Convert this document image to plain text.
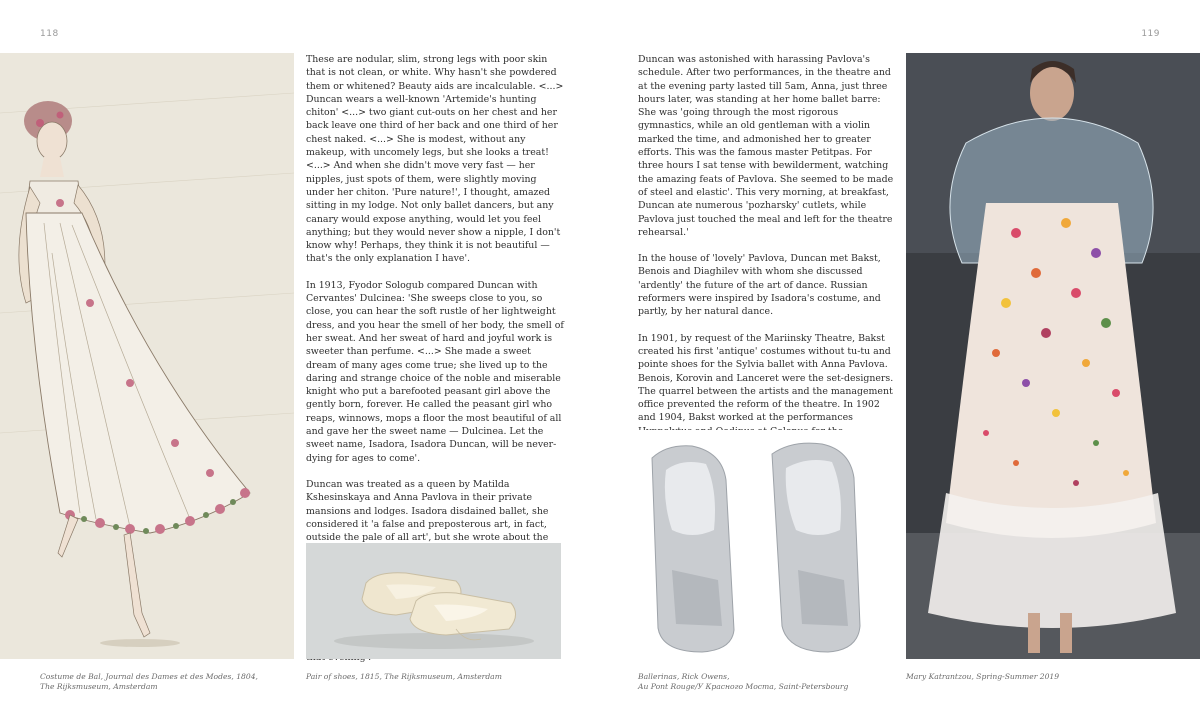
118	119

These are nodular, slim, strong legs with poor skin that is not clean, or white. Why hasn't she powdered them or whitened? Beauty aids are incalculable. <...> Duncan wears a well-known 'Artemide's hunting chiton' <...> two giant cut-outs on her chest and her back leave one third of her back and one third of her chest naked. <...> She is modest, without any makeup, with uncomely legs, but she looks a treat! <...> And when she didn't move very fast — her nipples, just spots of them, were slightly moving under her chiton. 'Pure nature!', I thought, amazed sitting in my lodge. Not only ballet dancers, but any canary would expose anything, would let you feel anything; but they would never show a nipple, I don't know why! Perhaps, they think it is not beautiful — that's the only explanation I have'.

In 1913, Fyodor Sologub compared Duncan with Cervantes' Dulcinea: 'She sweeps close to you, so close, you can hear the soft rustle of her lightweight dress, and you hear the smell of her body, the smell of her sweat. And her sweat of hard and joyful work is sweeter than perfume. <...> She made a sweet dream of many ages come true; she lived up to the daring and strange choice of the noble and miserable knight who put a barefooted peasant girl above the gently born, forever. He called the peasant girl who reaps, winnows, mops a floor the most beautiful of all and gave her the sweet name — Dulcinea. Let the sweet name, Isadora, Isadora Duncan, will be never-dying for ages to come'.

Duncan was treated as a queen by Matilda Kshesinskaya and Anna Pavlova in their private mansions and lodges. Isadora disdained ballet, she considered it 'a false and preposterous art, in fact, outside the pale of all art', but she wrote about the

Duncan was astonished with harassing Pavlova's schedule. After two performances, in the theatre and at the evening party lasted till 5am, Anna, just three hours later, was standing at her home ballet barre: She was 'going through the most rigorous gymnastics, while an old gentleman with a violin marked the time, and admonished her to greater efforts. This was the famous master Petitpas. For three hours I sat tense with bewilderment, watching the amazing feats of Pavlova. She seemed to be made of steel and elastic'. This very morning, at breakfast, Duncan ate numerous 'pozharsky' cutlets, while Pavlova just touched the meal and left for the theatre rehearsal.'

In the house of 'lovely' Pavlova, Duncan met Bakst, Benois and Diaghilev with whom she discussed 'ardently' the future of the art of dance. Russian reformers were inspired by Isadora's costume, and partly, by her natural dance.

In 1901, by request of the Mariinsky Theatre, Bakst created his first 'antique' costumes without tu-tu and pointe shoes for the Sylvia ballet with Anna Pavlova. Benois, Korovin and Lanceret were the set-designers. The quarrel between the artists and the management office prevented the reform of the theatre. In 1902 and 1904, Bakst worked at the performances

Costume de Bal, Journal des Dames et des Modes, 1804,
The Rijksmuseum, Amsterdam
Pair of shoes, 1815, The Rijksmuseum, Amsterdam	Ballerinas, Rick Owens,
Au Pont Rouge/У Красного Моста, Saint-Petersbourg
Mary Katrantzou, Spring-Summer 2019
